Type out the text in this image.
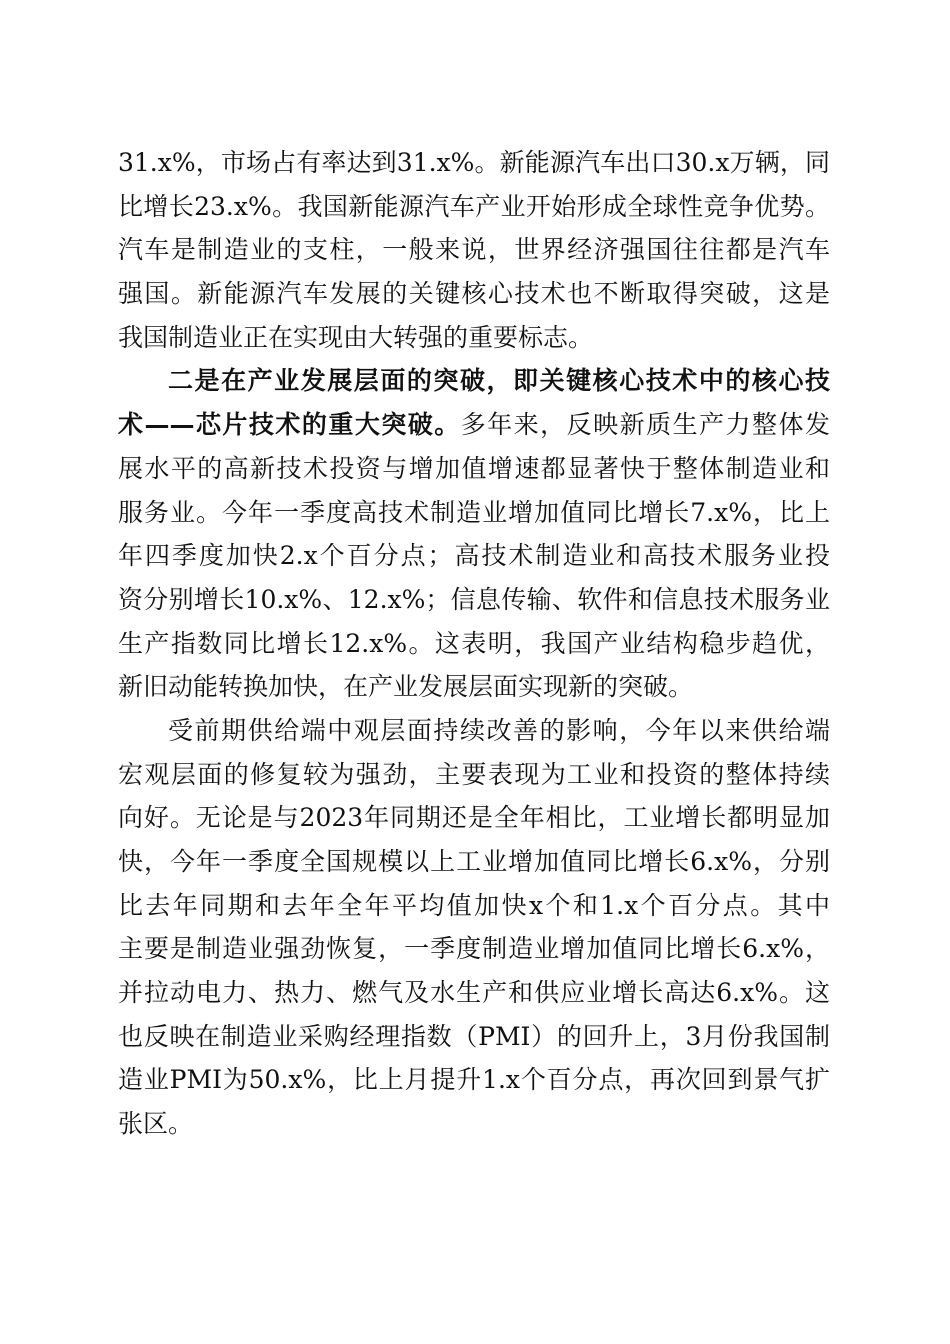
31.x%，市场占有率达到31.x%。新能源汽车出口30.x万辆，同
比增长23.x%。我国新能源汽车产业开始形成全球性竞争优势。
汽车是制造业的支柱，一般来说，世界经济强国往往都是汽车
强国。新能源汽车发展的关键核心技术也不断取得突破，这是
我国制造业正在实现由大转强的重要标志。
二是在产业发展层面的突破，即关键核心技术中的核心技
术——芯片技术的重大突破。多年来，反映新质生产力整体发
展水平的高新技术投资与增加值增速都显著快于整体制造业和
服务业。今年一季度高技术制造业增加值同比增长7.x%，比上
年四季度加快2.x个百分点；高技术制造业和高技术服务业投
资分别增长10.x%、12.x%；信息传输、软件和信息技术服务业
生产指数同比增长12.x%。这表明，我国产业结构稳步趋优，
新旧动能转换加快，在产业发展层面实现新的突破。
受前期供给端中观层面持续改善的影响，今年以来供给端
宏观层面的修复较为强劲，主要表现为工业和投资的整体持续
向好。无论是与2023年同期还是全年相比，工业增长都明显加
快，今年一季度全国规模以上工业增加值同比增长6.x%，分别
比去年同期和去年全年平均值加快x个和1.x个百分点。其中
主要是制造业强劲恢复，一季度制造业增加值同比增长6.x%，
并拉动电力、热力、燃气及水生产和供应业增长高达6.x%。这
也反映在制造业采购经理指数（PMI）的回升上，3月份我国制
造业PMI为50.x%，比上月提升1.x个百分点，再次回到景气扩
张区。
